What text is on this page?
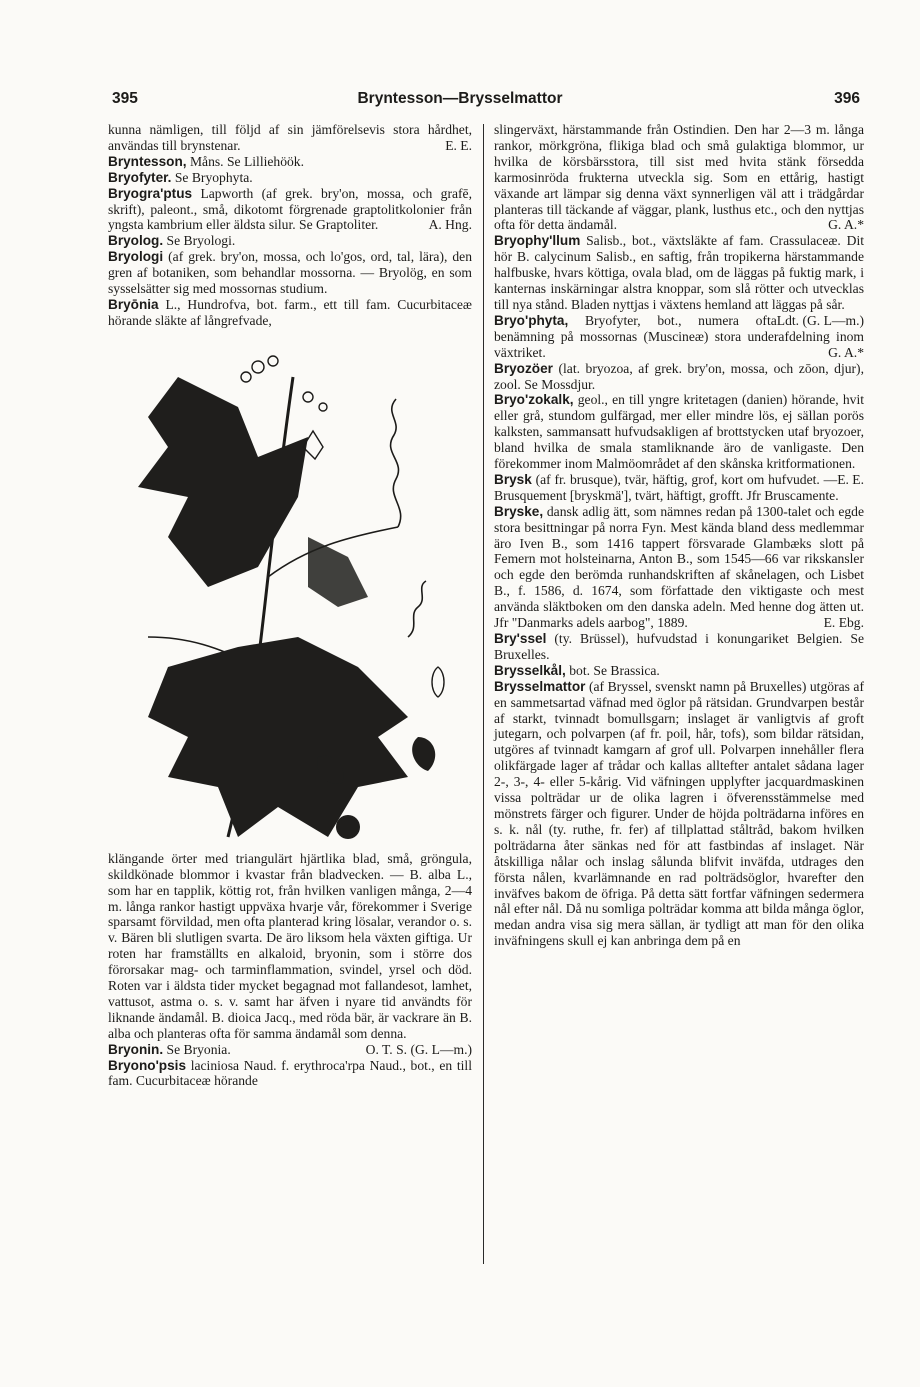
395	Bryntesson—Brysselmattor	396

kunna nämligen, till följd af sin jämförelsevis stora hårdhet, användas till brynstenar.	E. E.

Bryntesson, Måns. Se Lilliehöök.

Bryofyter. Se Bryophyta.

Bryogra'ptus Lapworth (af grek. bry'on, mossa, och grafē, skrift), paleont., små, dikotomt förgrenade graptolitkolonier från yngsta kambrium eller äldsta silur. Se Graptoliter.	A. Hng.

Bryolog. Se Bryologi.

Bryologi (af grek. bry'on, mossa, och lo'gos, ord, tal, lära), den gren af botaniken, som behandlar mossorna. — Bryolög, en som sysselsätter sig med mossornas studium.

Bryōnia L., Hundrofva, bot. farm., ett till fam. Cucurbitaceæ hörande släkte af långrefvade,

klängande örter med triangulärt hjärtlika blad, små, gröngula, skildkönade blommor i kvastar från bladvecken. — B. alba L., som har en tapplik, köttig rot, från hvilken vanligen många, 2—4 m. långa rankor hastigt uppväxa hvarje vår, förekommer i Sverige sparsamt förvildad, men ofta planterad kring lösalar, verandor o. s. v. Bären bli slutligen svarta. De äro liksom hela växten giftiga. Ur roten har framställts en alkaloid, bryonin, som i större dos förorsakar mag- och tarminflammation, svindel, yrsel och död. Roten var i äldsta tider mycket begagnad mot fallandesot, lamhet, vattusot, astma o. s. v. samt har äfven i nyare tid användts för liknande ändamål. B. dioica Jacq., med röda bär, är vackrare än B. alba och planteras ofta för samma ändamål som denna.
O. T. S. (G. L—m.)

Bryonin. Se Bryonia.

Bryono'psis laciniosa Naud. f. erythroca'rpa Naud., bot., en till fam. Cucurbitaceæ hörande

slingerväxt, härstammande från Ostindien. Den har 2—3 m. långa rankor, mörkgröna, flikiga blad och små gulaktiga blommor, ur hvilka de körsbärsstora, till sist med hvita stänk försedda karmosinröda frukterna utveckla sig. Som en ettårig, hastigt växande art lämpar sig denna växt synnerligen väl att i trädgårdar planteras till täckande af väggar, plank, lusthus etc., och den nyttjas ofta för detta ändamål.	G. A.*

Bryophy'llum Salisb., bot., växtsläkte af fam. Crassulaceæ. Dit hör B. calycinum Salisb., en saftig, från tropikerna härstammande halfbuske, hvars köttiga, ovala blad, om de läggas på fuktig mark, i kanternas inskärningar alstra knoppar, som slå rötter och utvecklas till nya stånd. Bladen nyttjas i växtens hemland att läggas på sår.
Ldt. (G. L—m.)

Bryo'phyta, Bryofyter, bot., numera ofta benämning på mossornas (Muscineæ) stora underafdelning inom växtriket.	G. A.*

Bryozöer (lat. bryozoa, af grek. bry'on, mossa, och zōon, djur), zool. Se Mossdjur.

Bryo'zokalk, geol., en till yngre kritetagen (danien) hörande, hvit eller grå, stundom gulfärgad, mer eller mindre lös, ej sällan porös kalksten, sammansatt hufvudsakligen af brottstycken utaf bryozoer, bland hvilka de smala stamliknande äro de vanligaste. Den förekommer inom Malmöområdet af den skånska kritformationen.
E. E.

Brysk (af fr. brusque), tvär, häftig, grof, kort om hufvudet. — Brusquement [bryskmä'], tvärt, häftigt, grofft. Jfr Bruscamente.

Bryske, dansk adlig ätt, som nämnes redan på 1300-talet och egde stora besittningar på norra Fyn. Mest kända bland dess medlemmar äro Iven B., som 1416 tappert försvarade Glambæks slott på Femern mot holsteinarna, Anton B., som 1545—66 var rikskansler och egde den berömda runhandskriften af skånelagen, och Lisbet B., f. 1586, d. 1674, som författade den viktigaste och mest använda släktboken om den danska adeln. Med henne dog ätten ut. Jfr "Danmarks adels aarbog", 1889.	E. Ebg.

Bry'ssel (ty. Brüssel), hufvudstad i konungariket Belgien. Se Bruxelles.

Brysselkål, bot. Se Brassica.

Brysselmattor (af Bryssel, svenskt namn på Bruxelles) utgöras af en sammetsartad väfnad med öglor på rätsidan. Grundvarpen består af starkt, tvinnadt bomullsgarn; inslaget är vanligtvis af groft jutegarn, och polvarpen (af fr. poil, hår, tofs), som bildar rätsidan, utgöres af tvinnadt kamgarn af grof ull. Polvarpen innehåller flera olikfärgade lager af trådar och kallas alltefter antalet sådana lager 2-, 3-, 4- eller 5-kårig. Vid väfningen upplyfter jacquardmaskinen vissa polträdar ur de olika lagren i öfverensstämmelse med mönstrets färger och figurer. Under de höjda polträdarna införes en s. k. nål (ty. ruthe, fr. fer) af tillplattad ståltråd, bakom hvilken polträdarna åter sänkas ned för att fastbindas af inslaget. När åtskilliga nålar och inslag sålunda blifvit inväfda, utdrages den första nålen, kvarlämnande en rad polträdsöglor, hvarefter den inväfves bakom de öfriga. På detta sätt fortfar väfningen sedermera nål efter nål. Då nu somliga polträdar komma att bilda många öglor, medan andra visa sig mera sällan, är tydligt att man för den olika inväfningens skull ej kan anbringa dem på en
